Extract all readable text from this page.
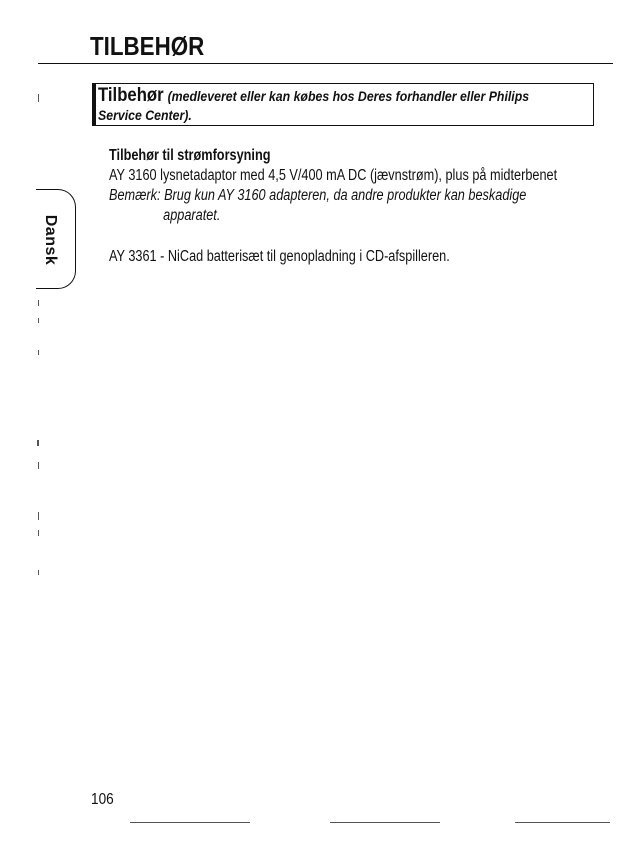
TILBEHØR
Tilbehør (medleveret eller kan købes hos Deres forhandler eller Philips Service Center).
Dansk
Tilbehør til strømforsyning
AY 3160 lysnetadaptor med 4,5 V/400 mA DC (jævnstrøm), plus på midterbenet
Bemærk: Brug kun AY 3160 adapteren, da andre produkter kan beskadige
apparatet.
AY 3361 - NiCad batterisæt til genopladning i CD-afspilleren.
106
